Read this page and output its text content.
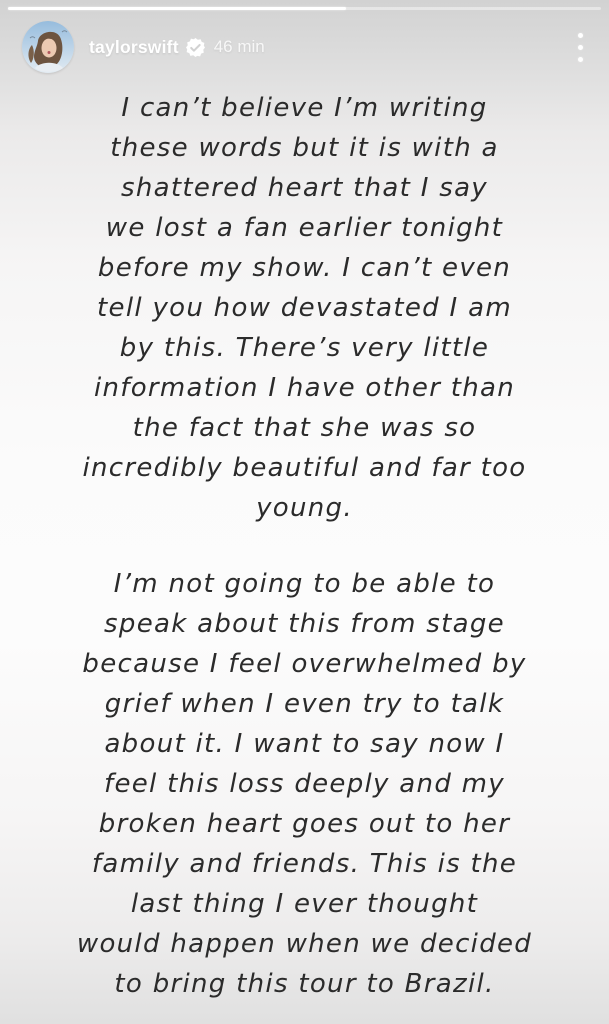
taylorswift 46 min
I can’t believe I’m writing
these words but it is with a
shattered heart that I say
we lost a fan earlier tonight
before my show. I can’t even
tell you how devastated I am
by this. There’s very little
information I have other than
the fact that she was so
incredibly beautiful and far too
young.
I’m not going to be able to
speak about this from stage
because I feel overwhelmed by
grief when I even try to talk
about it. I want to say now I
feel this loss deeply and my
broken heart goes out to her
family and friends. This is the
last thing I ever thought
would happen when we decided
to bring this tour to Brazil.
